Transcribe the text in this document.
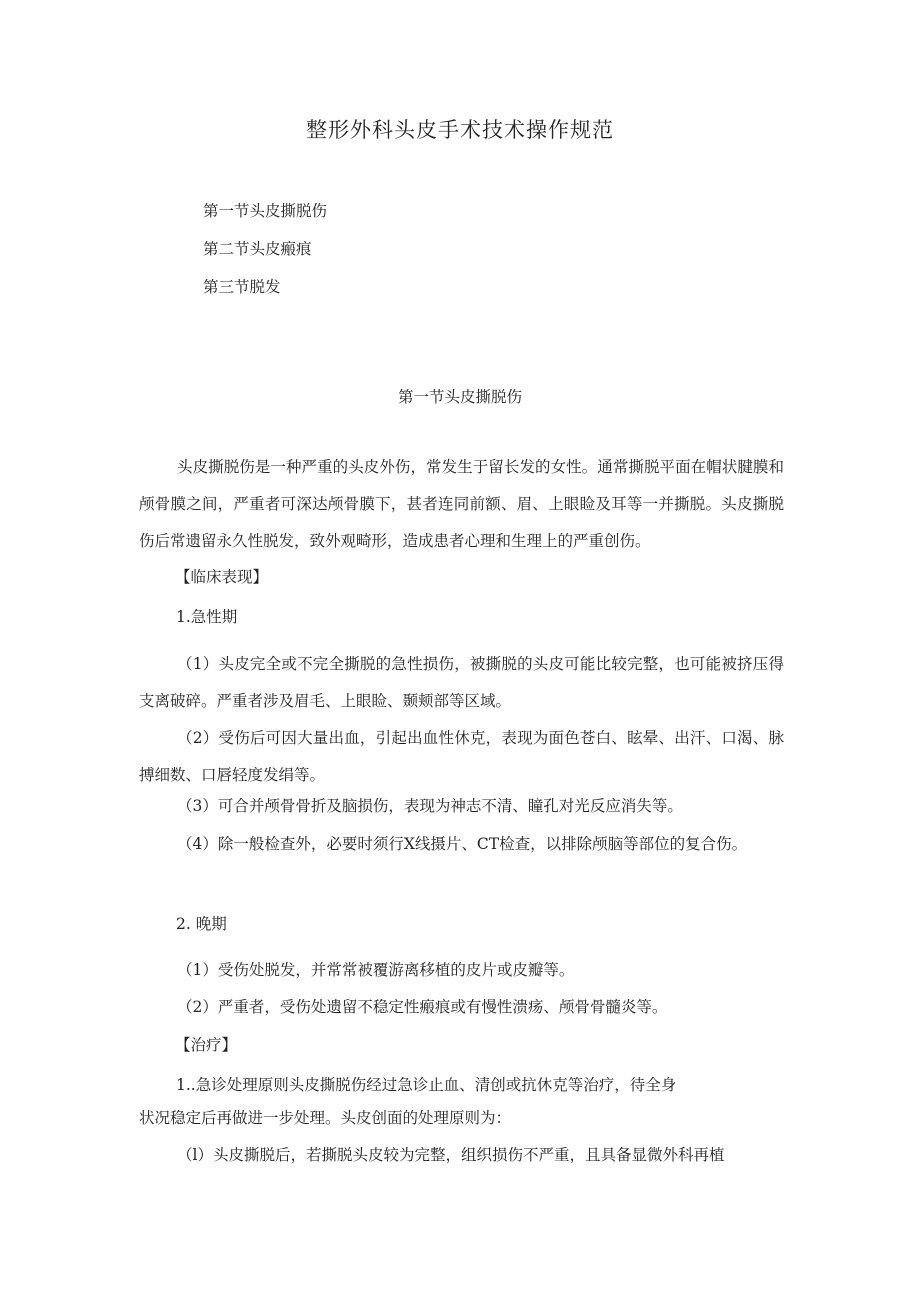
整形外科头皮手术技术操作规范
第一节头皮撕脱伤
第二节头皮瘢痕
第三节脱发
第一节头皮撕脱伤
头皮撕脱伤是一种严重的头皮外伤，常发生于留长发的女性。通常撕脱平面在帽状腱膜和颅骨膜之间，严重者可深达颅骨膜下，甚者连同前额、眉、上眼睑及耳等一并撕脱。头皮撕脱伤后常遗留永久性脱发，致外观畸形，造成患者心理和生理上的严重创伤。
【临床表现】
1.急性期
（1）头皮完全或不完全撕脱的急性损伤，被撕脱的头皮可能比较完整，也可能被挤压得支离破碎。严重者涉及眉毛、上眼睑、颞颊部等区域。
（2）受伤后可因大量出血，引起出血性休克，表现为面色苍白、眩晕、出汗、口渴、脉搏细数、口唇轻度发绢等。
（3）可合并颅骨骨折及脑损伤，表现为神志不清、瞳孔对光反应消失等。
（4）除一般检查外，必要时须行X线摄片、CT检查，以排除颅脑等部位的复合伤。
2. 晚期
（1）受伤处脱发，并常常被覆游离移植的皮片或皮瓣等。
（2）严重者，受伤处遗留不稳定性瘢痕或有慢性溃疡、颅骨骨髓炎等。
【治疗】
1..急诊处理原则头皮撕脱伤经过急诊止血、清创或抗休克等治疗，待全身
状况稳定后再做进一步处理。头皮创面的处理原则为：
（l）头皮撕脱后，若撕脱头皮较为完整，组织损伤不严重，且具备显微外科再植
